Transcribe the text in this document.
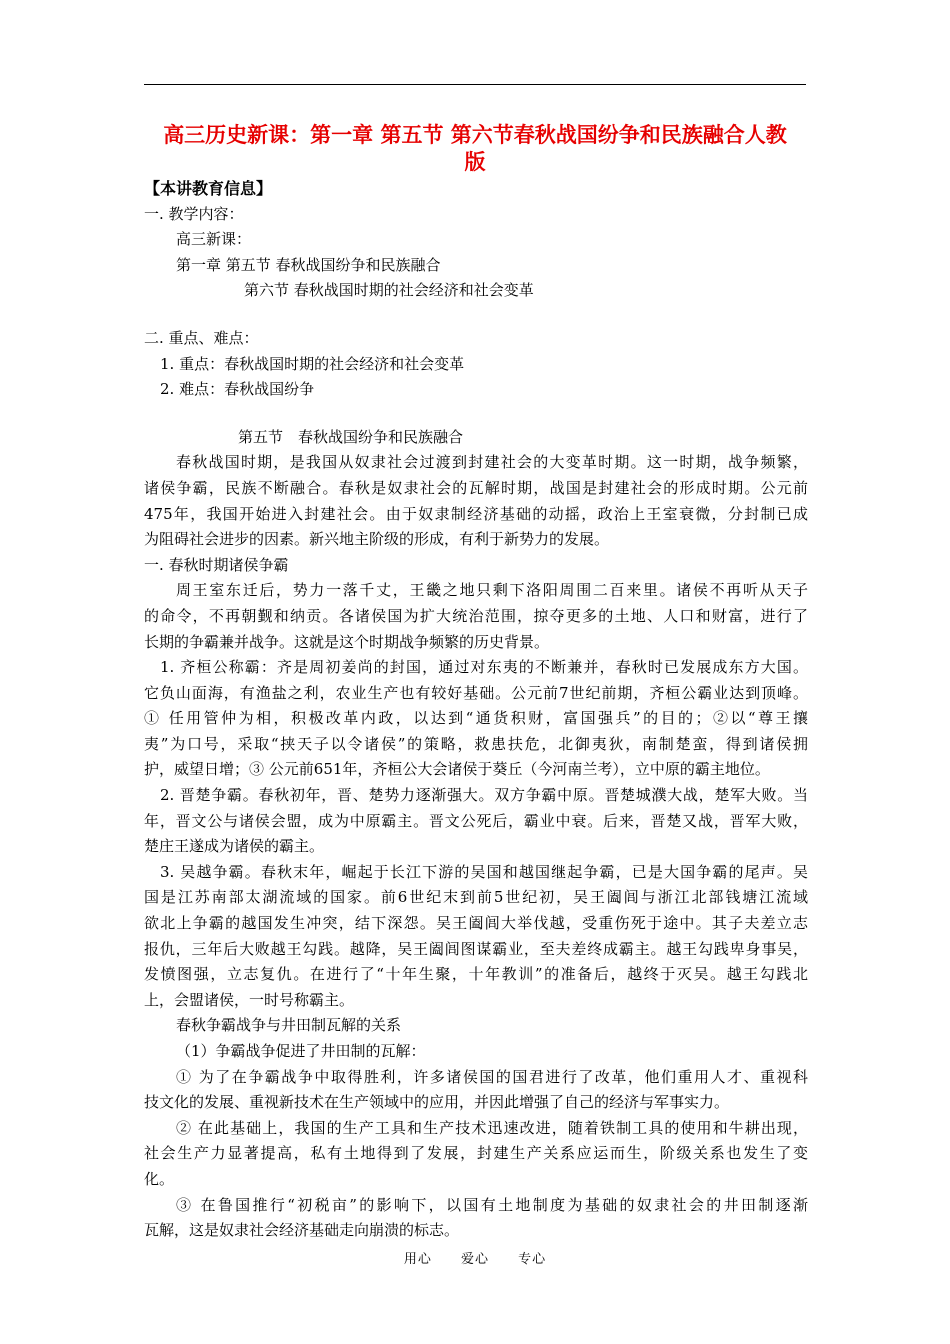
高三历史新课：第一章 第五节 第六节春秋战国纷争和民族融合人教
版
【本讲教育信息】
一. 教学内容：
高三新课：
第一章 第五节 春秋战国纷争和民族融合
第六节 春秋战国时期的社会经济和社会变革
二. 重点、难点：
1. 重点：春秋战国时期的社会经济和社会变革
2. 难点：春秋战国纷争
第五节　春秋战国纷争和民族融合
春秋战国时期，是我国从奴隶社会过渡到封建社会的大变革时期。这一时期，战争频繁，
诸侯争霸，民族不断融合。春秋是奴隶社会的瓦解时期，战国是封建社会的形成时期。公元前
475年，我国开始进入封建社会。由于奴隶制经济基础的动摇，政治上王室衰微，分封制已成
为阻碍社会进步的因素。新兴地主阶级的形成，有利于新势力的发展。
一. 春秋时期诸侯争霸
周王室东迁后，势力一落千丈，王畿之地只剩下洛阳周围二百来里。诸侯不再听从天子
的命令，不再朝觐和纳贡。各诸侯国为扩大统治范围，掠夺更多的土地、人口和财富，进行了
长期的争霸兼并战争。这就是这个时期战争频繁的历史背景。
1. 齐桓公称霸：齐是周初姜尚的封国，通过对东夷的不断兼并，春秋时已发展成东方大国。
它负山面海，有渔盐之利，农业生产也有较好基础。公元前7世纪前期，齐桓公霸业达到顶峰。
① 任用管仲为相，积极改革内政，以达到“通货积财，富国强兵”的目的；②以“尊王攘
夷”为口号，采取“挟天子以令诸侯”的策略，救患扶危，北御夷狄，南制楚蛮，得到诸侯拥
护，威望日增；③ 公元前651年，齐桓公大会诸侯于葵丘（今河南兰考），立中原的霸主地位。
2. 晋楚争霸。春秋初年，晋、楚势力逐渐强大。双方争霸中原。晋楚城濮大战，楚军大败。当
年，晋文公与诸侯会盟，成为中原霸主。晋文公死后，霸业中衰。后来，晋楚又战，晋军大败，
楚庄王遂成为诸侯的霸主。
3. 吴越争霸。春秋末年，崛起于长江下游的吴国和越国继起争霸，已是大国争霸的尾声。吴
国是江苏南部太湖流域的国家。前6世纪末到前5世纪初，吴王阖闾与浙江北部钱塘江流域
欲北上争霸的越国发生冲突，结下深怨。吴王阖闾大举伐越，受重伤死于途中。其子夫差立志
报仇，三年后大败越王勾践。越降，吴王阖闾图谋霸业，至夫差终成霸主。越王勾践卑身事吴，
发愤图强，立志复仇。在进行了“十年生聚，十年教训”的准备后，越终于灭吴。越王勾践北
上，会盟诸侯，一时号称霸主。
春秋争霸战争与井田制瓦解的关系
（1）争霸战争促进了井田制的瓦解：
① 为了在争霸战争中取得胜利，许多诸侯国的国君进行了改革，他们重用人才、重视科
技文化的发展、重视新技术在生产领域中的应用，并因此增强了自己的经济与军事实力。
② 在此基础上，我国的生产工具和生产技术迅速改进，随着铁制工具的使用和牛耕出现，
社会生产力显著提高，私有土地得到了发展，封建生产关系应运而生，阶级关系也发生了变
化。
③ 在鲁国推行“初税亩”的影响下，以国有土地制度为基础的奴隶社会的井田制逐渐
瓦解，这是奴隶社会经济基础走向崩溃的标志。
用心 爱心 专心
